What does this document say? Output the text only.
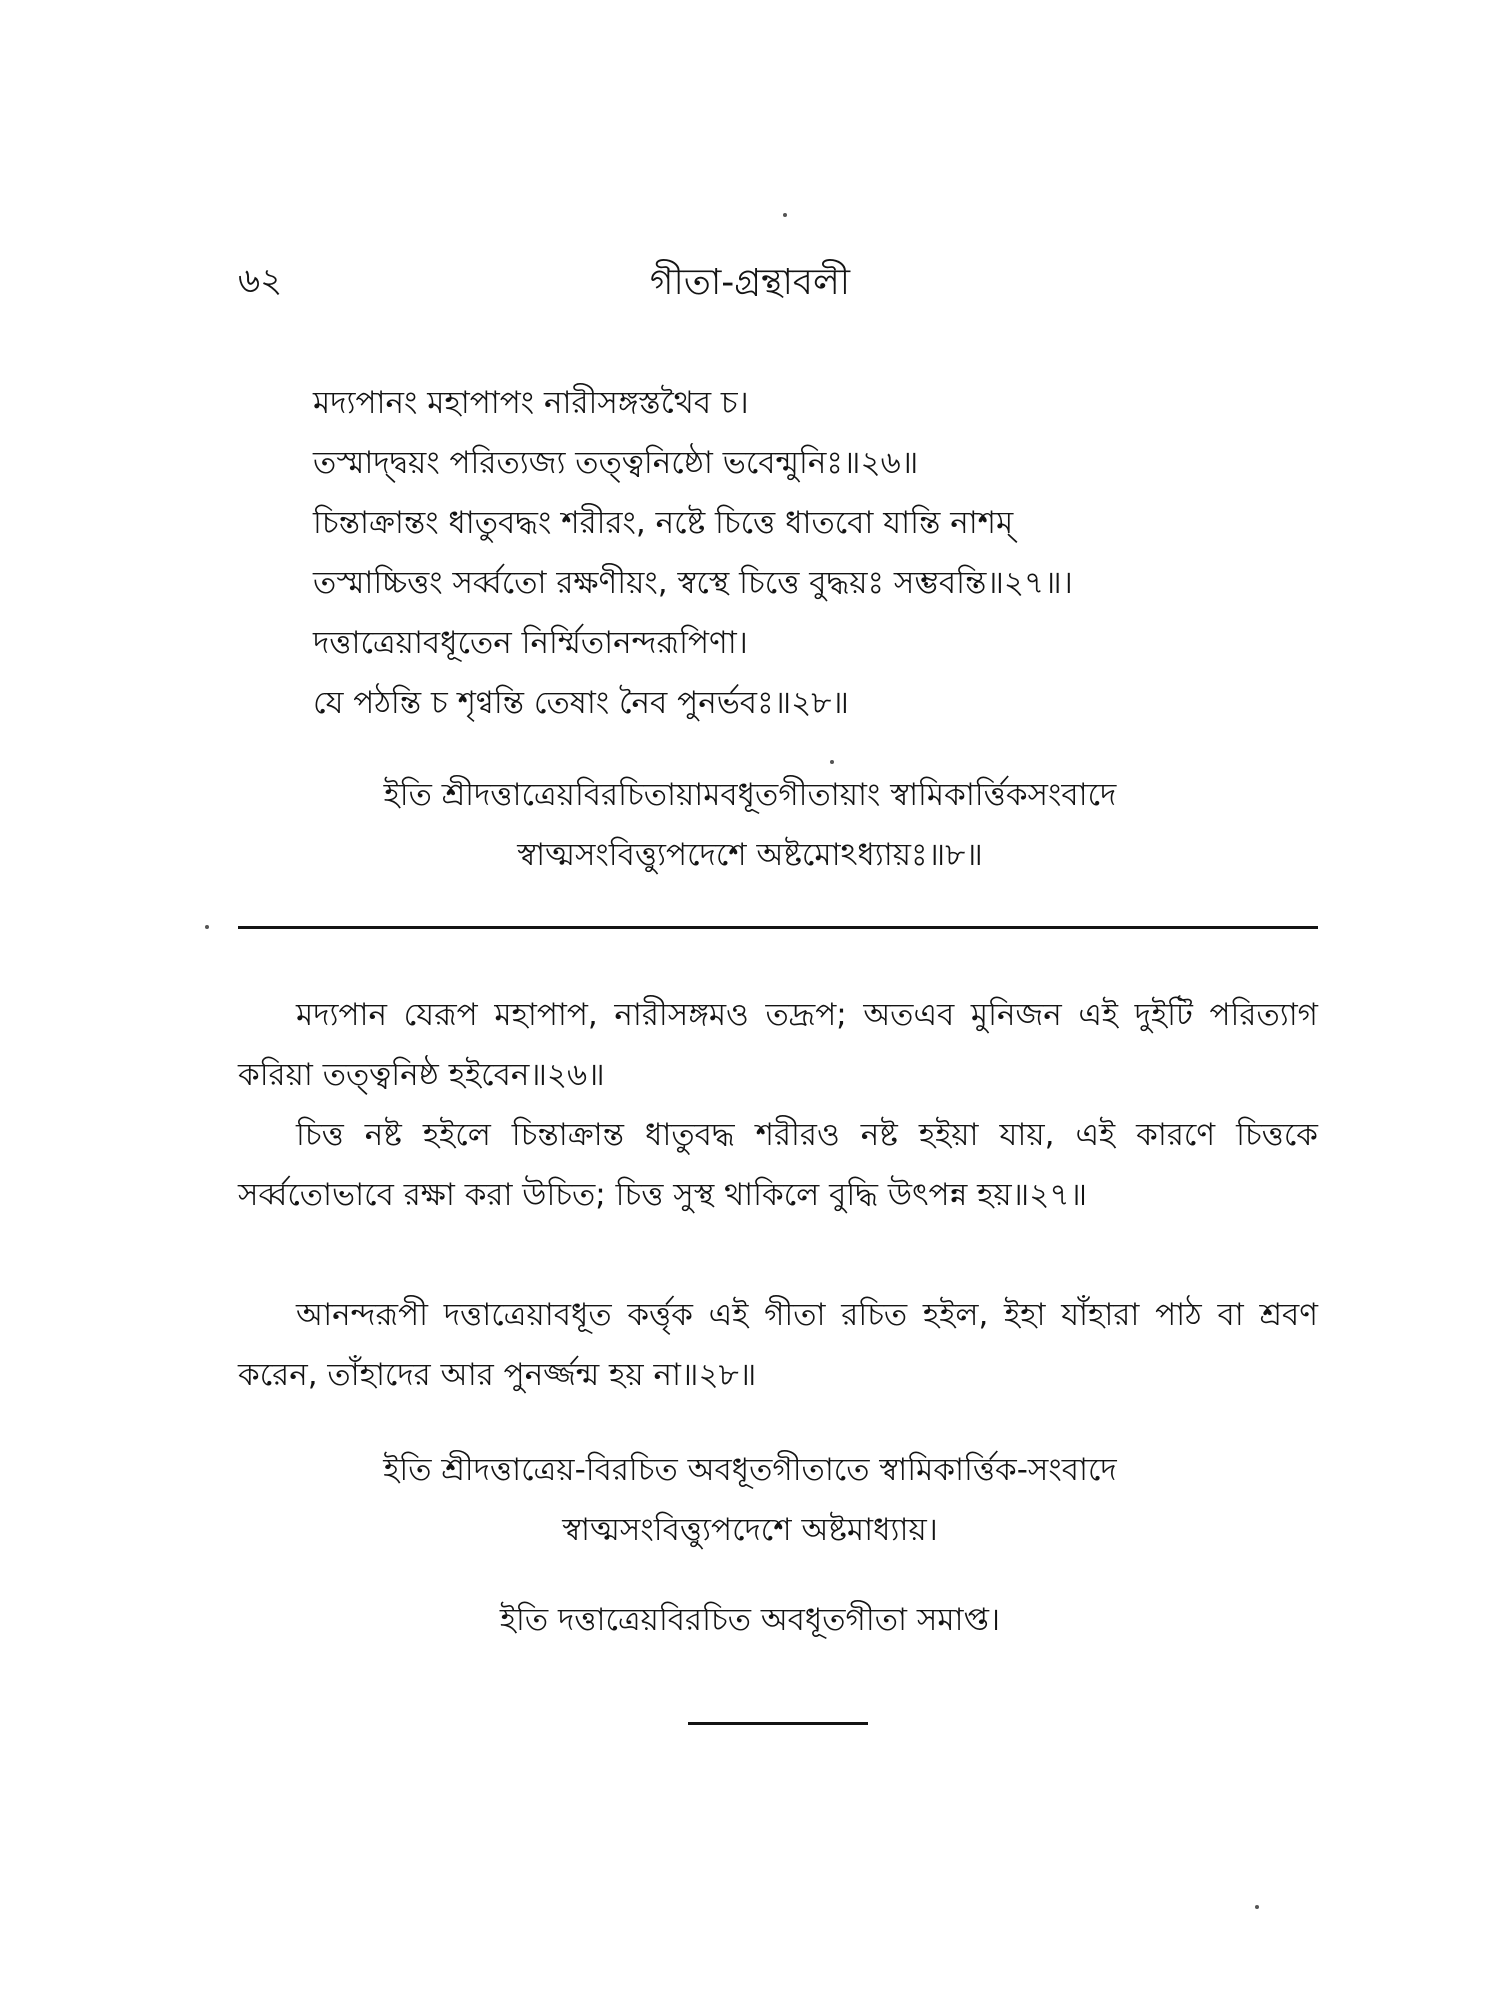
৬২	গীতা-গ্রন্থাবলী
মদ্যপানং মহাপাপং নারীসঙ্গস্তথৈব চ।
তস্মাদ্দ্বয়ং পরিত্যজ্য তত্ত্বনিষ্ঠো ভবেন্মুনিঃ॥২৬॥
চিন্তাক্রান্তং ধাতুবদ্ধং শরীরং, নষ্টে চিত্তে ধাতবো যান্তি নাশম্
তস্মাচ্চিত্তং সর্ব্বতো রক্ষণীয়ং, স্বস্থে চিত্তে বুদ্ধয়ঃ সম্ভবন্তি॥২৭॥।
দত্তাত্রেয়াবধূতেন নির্ম্মিতানন্দরূপিণা।
যে পঠন্তি চ শৃণ্বন্তি তেষাং নৈব পুনর্ভবঃ॥২৮॥
ইতি শ্রীদত্তাত্রেয়বিরচিতায়ামবধূতগীতায়াং স্বামিকার্ত্তিকসংবাদে
স্বাত্মসংবিত্ত্যুপদেশে অষ্টমোঽধ্যায়ঃ॥৮॥

মদ্যপান যেরূপ মহাপাপ, নারীসঙ্গমও তদ্রূপ; অতএব মুনিজন এই দুইটি পরিত্যাগ করিয়া তত্ত্বনিষ্ঠ হইবেন॥২৬॥

চিত্ত নষ্ট হইলে চিন্তাক্রান্ত ধাতুবদ্ধ শরীরও নষ্ট হইয়া যায়, এই কারণে চিত্তকে সর্ব্বতোভাবে রক্ষা করা উচিত; চিত্ত সুস্থ থাকিলে বুদ্ধি উৎপন্ন হয়॥২৭॥

আনন্দরূপী দত্তাত্রেয়াবধূত কর্ত্তৃক এই গীতা রচিত হইল, ইহা যাঁহারা পাঠ বা শ্রবণ করেন, তাঁহাদের আর পুনর্জ্জন্ম হয় না॥২৮॥

ইতি শ্রীদত্তাত্রেয়-বিরচিত অবধূতগীতাতে স্বামিকার্ত্তিক-সংবাদে
স্বাত্মসংবিত্ত্যুপদেশে অষ্টমাধ্যায়।
ইতি দত্তাত্রেয়বিরচিত অবধূতগীতা সমাপ্ত।
